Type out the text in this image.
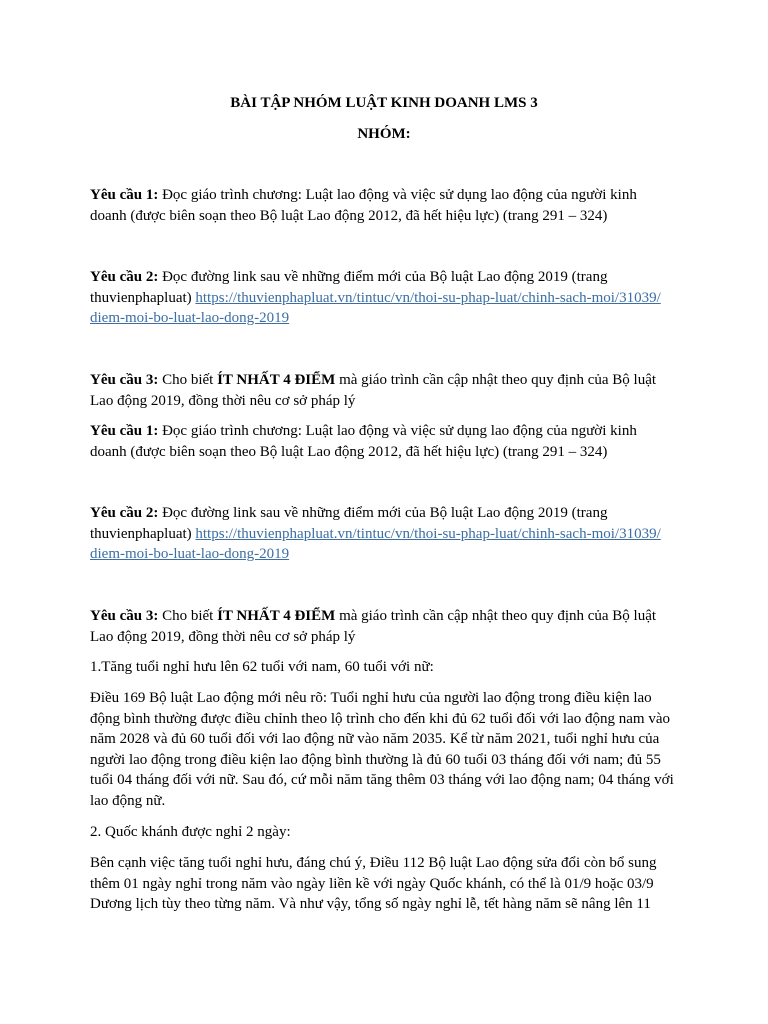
BÀI TẬP NHÓM LUẬT KINH DOANH LMS 3
NHÓM:
Yêu cầu 1: Đọc giáo trình chương: Luật lao động và việc sử dụng lao động của người kinh
doanh (được biên soạn theo Bộ luật Lao động 2012, đã hết hiệu lực) (trang 291 – 324)
Yêu cầu 2: Đọc đường link sau về những điểm mới của Bộ luật Lao động 2019 (trang
thuvienphapluat) https://thuvienphapluat.vn/tintuc/vn/thoi-su-phap-luat/chinh-sach-moi/31039/
diem-moi-bo-luat-lao-dong-2019
Yêu cầu 3: Cho biết ÍT NHẤT 4 ĐIỂM mà giáo trình cần cập nhật theo quy định của Bộ luật
Lao động 2019, đồng thời nêu cơ sở pháp lý
Yêu cầu 1: Đọc giáo trình chương: Luật lao động và việc sử dụng lao động của người kinh
doanh (được biên soạn theo Bộ luật Lao động 2012, đã hết hiệu lực) (trang 291 – 324)
Yêu cầu 2: Đọc đường link sau về những điểm mới của Bộ luật Lao động 2019 (trang
thuvienphapluat) https://thuvienphapluat.vn/tintuc/vn/thoi-su-phap-luat/chinh-sach-moi/31039/
diem-moi-bo-luat-lao-dong-2019
Yêu cầu 3: Cho biết ÍT NHẤT 4 ĐIỂM mà giáo trình cần cập nhật theo quy định của Bộ luật
Lao động 2019, đồng thời nêu cơ sở pháp lý
1.Tăng tuổi nghỉ hưu lên 62 tuổi với nam, 60 tuổi với nữ:
Điều 169 Bộ luật Lao động mới nêu rõ: Tuổi nghỉ hưu của người lao động trong điều kiện lao
động bình thường được điều chỉnh theo lộ trình cho đến khi đủ 62 tuổi đối với lao động nam vào
năm 2028 và đủ 60 tuổi đối với lao động nữ vào năm 2035. Kể từ năm 2021, tuổi nghỉ hưu của
người lao động trong điều kiện lao động bình thường là đủ 60 tuổi 03 tháng đối với nam; đủ 55
tuổi 04 tháng đối với nữ. Sau đó, cứ mỗi năm tăng thêm 03 tháng với lao động nam; 04 tháng với
lao động nữ.
2. Quốc khánh được nghỉ 2 ngày:
Bên cạnh việc tăng tuổi nghỉ hưu, đáng chú ý, Điều 112 Bộ luật Lao động sửa đổi còn bổ sung
thêm 01 ngày nghỉ trong năm vào ngày liền kề với ngày Quốc khánh, có thể là 01/9 hoặc 03/9
Dương lịch tùy theo từng năm. Và như vậy, tổng số ngày nghỉ lễ, tết hàng năm sẽ nâng lên 11
